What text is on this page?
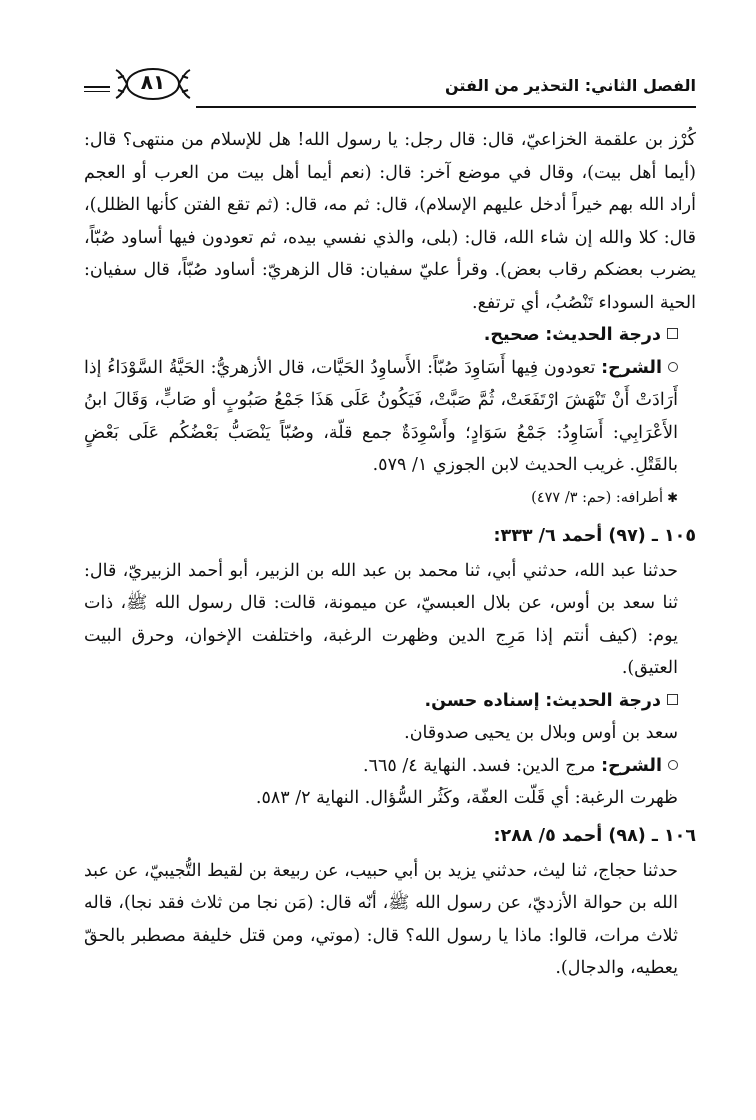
الفصل الثاني: التحذير من الفتن
٨١

كُرْز بن علقمة الخزاعيّ، قال: قال رجل: يا رسول الله! هل للإسلام من منتهى؟ قال: (أيما أهل بيت)، وقال في موضع آخر: قال: (نعم أيما أهل بيت من العرب أو العجم أراد الله بهم خيراً أدخل عليهم الإسلام)، قال: ثم مه، قال: (ثم تقع الفتن كأنها الظلل)، قال: كلا والله إن شاء الله، قال: (بلى، والذي نفسي بيده، ثم تعودون فيها أساود صُبّاً، يضرب بعضكم رقاب بعض). وقرأ عليّ سفيان: قال الزهريّ: أساود صُبّاً، قال سفيان: الحية السوداء تَنْصُبُ، أي ترتفع.

درجة الحديث: صحيح.

الشرح: تعودون فِيها أَسَاوِدَ صُبّاً: الأَساوِدُ الحَيَّات، قال الأزهريُّ: الحَيَّةُ السَّوْدَاءُ إذا أَرَادَتْ أَنْ تَنْهَشَ ارْتَفَعَتْ، ثُمَّ صَبَّتْ، فَيَكُونُ عَلَى هَذَا جَمْعُ صَبُوبٍ أو صَابٍّ، وَقَالَ ابنُ الأَعْرَابِي: أَسَاوِدُ: جَمْعُ سَوَادٍ؛ وأَسْوِدَةٌ جمع قلّة، وصُبّاً يَنْصَبُّ بَعْضُكُم عَلَى بَعْضٍ بالقَتْلِ. غريب الحديث لابن الجوزي ١/ ٥٧٩.

✱أطرافه: (حم: ٣/ ٤٧٧)

١٠٥ ـ (٩٧) أحمد ٦/ ٣٣٣:

حدثنا عبد الله، حدثني أبي، ثنا محمد بن عبد الله بن الزبير، أبو أحمد الزبيريّ، قال: ثنا سعد بن أوس، عن بلال العبسيّ، عن ميمونة، قالت: قال رسول الله ﷺ، ذات يوم: (كيف أنتم إذا مَرِج الدين وظهرت الرغبة، واختلفت الإخوان، وحرق البيت العتيق).

درجة الحديث: إسناده حسن.

سعد بن أوس وبلال بن يحيى صدوقان.

الشرح: مرج الدين: فسد. النهاية ٤/ ٦٦٥.

ظهرت الرغبة: أي قَلّت العفّة، وكَثُر السُّؤال. النهاية ٢/ ٥٨٣.

١٠٦ ـ (٩٨) أحمد ٥/ ٢٨٨:

حدثنا حجاج، ثنا ليث، حدثني يزيد بن أبي حبيب، عن ربيعة بن لقيط التُّجيبيّ، عن عبد الله بن حوالة الأزديّ، عن رسول الله ﷺ، أنّه قال: (مَن نجا من ثلاث فقد نجا)، قاله ثلاث مرات، قالوا: ماذا يا رسول الله؟ قال: (موتي، ومن قتل خليفة مصطبر بالحقّ يعطيه، والدجال).
